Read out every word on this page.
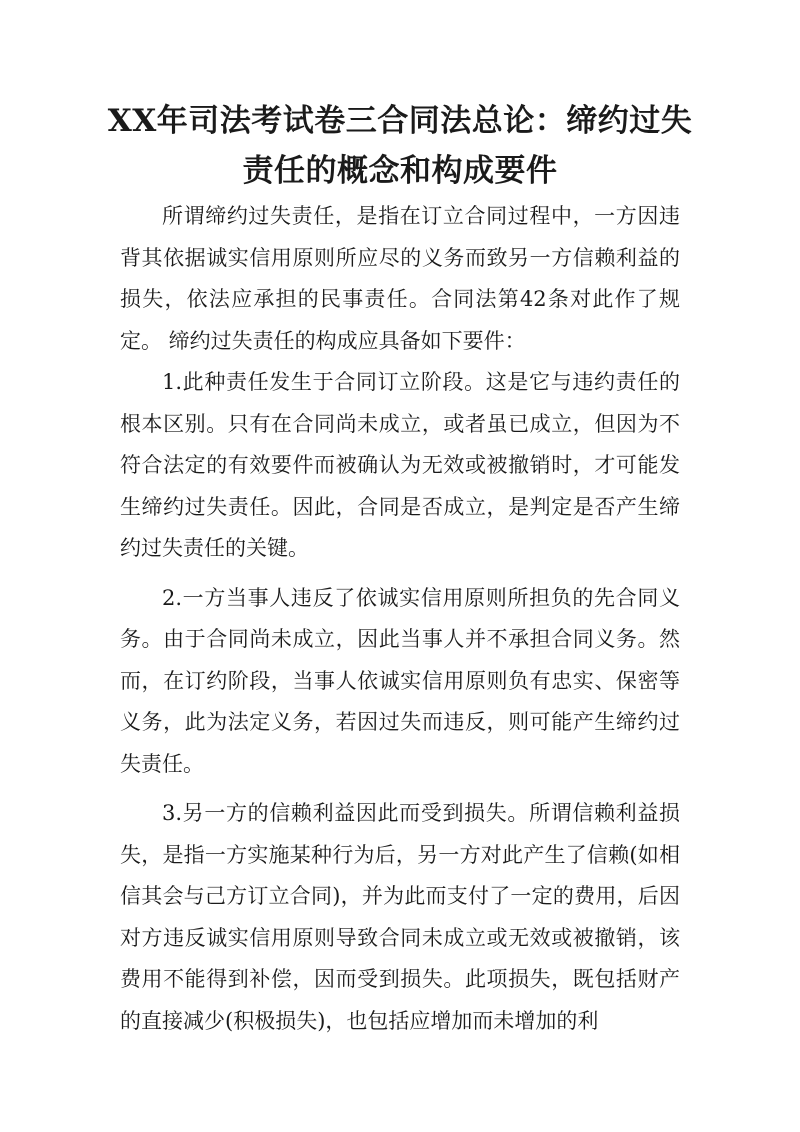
XX年司法考试卷三合同法总论：缔约过失责任的概念和构成要件

所谓缔约过失责任，是指在订立合同过程中，一方因违背其依据诚实信用原则所应尽的义务而致另一方信赖利益的损失，依法应承担的民事责任。合同法第42条对此作了规定。 缔约过失责任的构成应具备如下要件：

1.此种责任发生于合同订立阶段。这是它与违约责任的根本区别。只有在合同尚未成立，或者虽已成立，但因为不符合法定的有效要件而被确认为无效或被撤销时，才可能发生缔约过失责任。因此，合同是否成立，是判定是否产生缔约过失责任的关键。

2.一方当事人违反了依诚实信用原则所担负的先合同义务。由于合同尚未成立，因此当事人并不承担合同义务。然而，在订约阶段，当事人依诚实信用原则负有忠实、保密等义务，此为法定义务，若因过失而违反，则可能产生缔约过失责任。

3.另一方的信赖利益因此而受到损失。所谓信赖利益损失，是指一方实施某种行为后，另一方对此产生了信赖(如相信其会与己方订立合同)，并为此而支付了一定的费用，后因对方违反诚实信用原则导致合同未成立或无效或被撤销，该费用不能得到补偿，因而受到损失。此项损失，既包括财产的直接减少(积极损失)，也包括应增加而未增加的利
